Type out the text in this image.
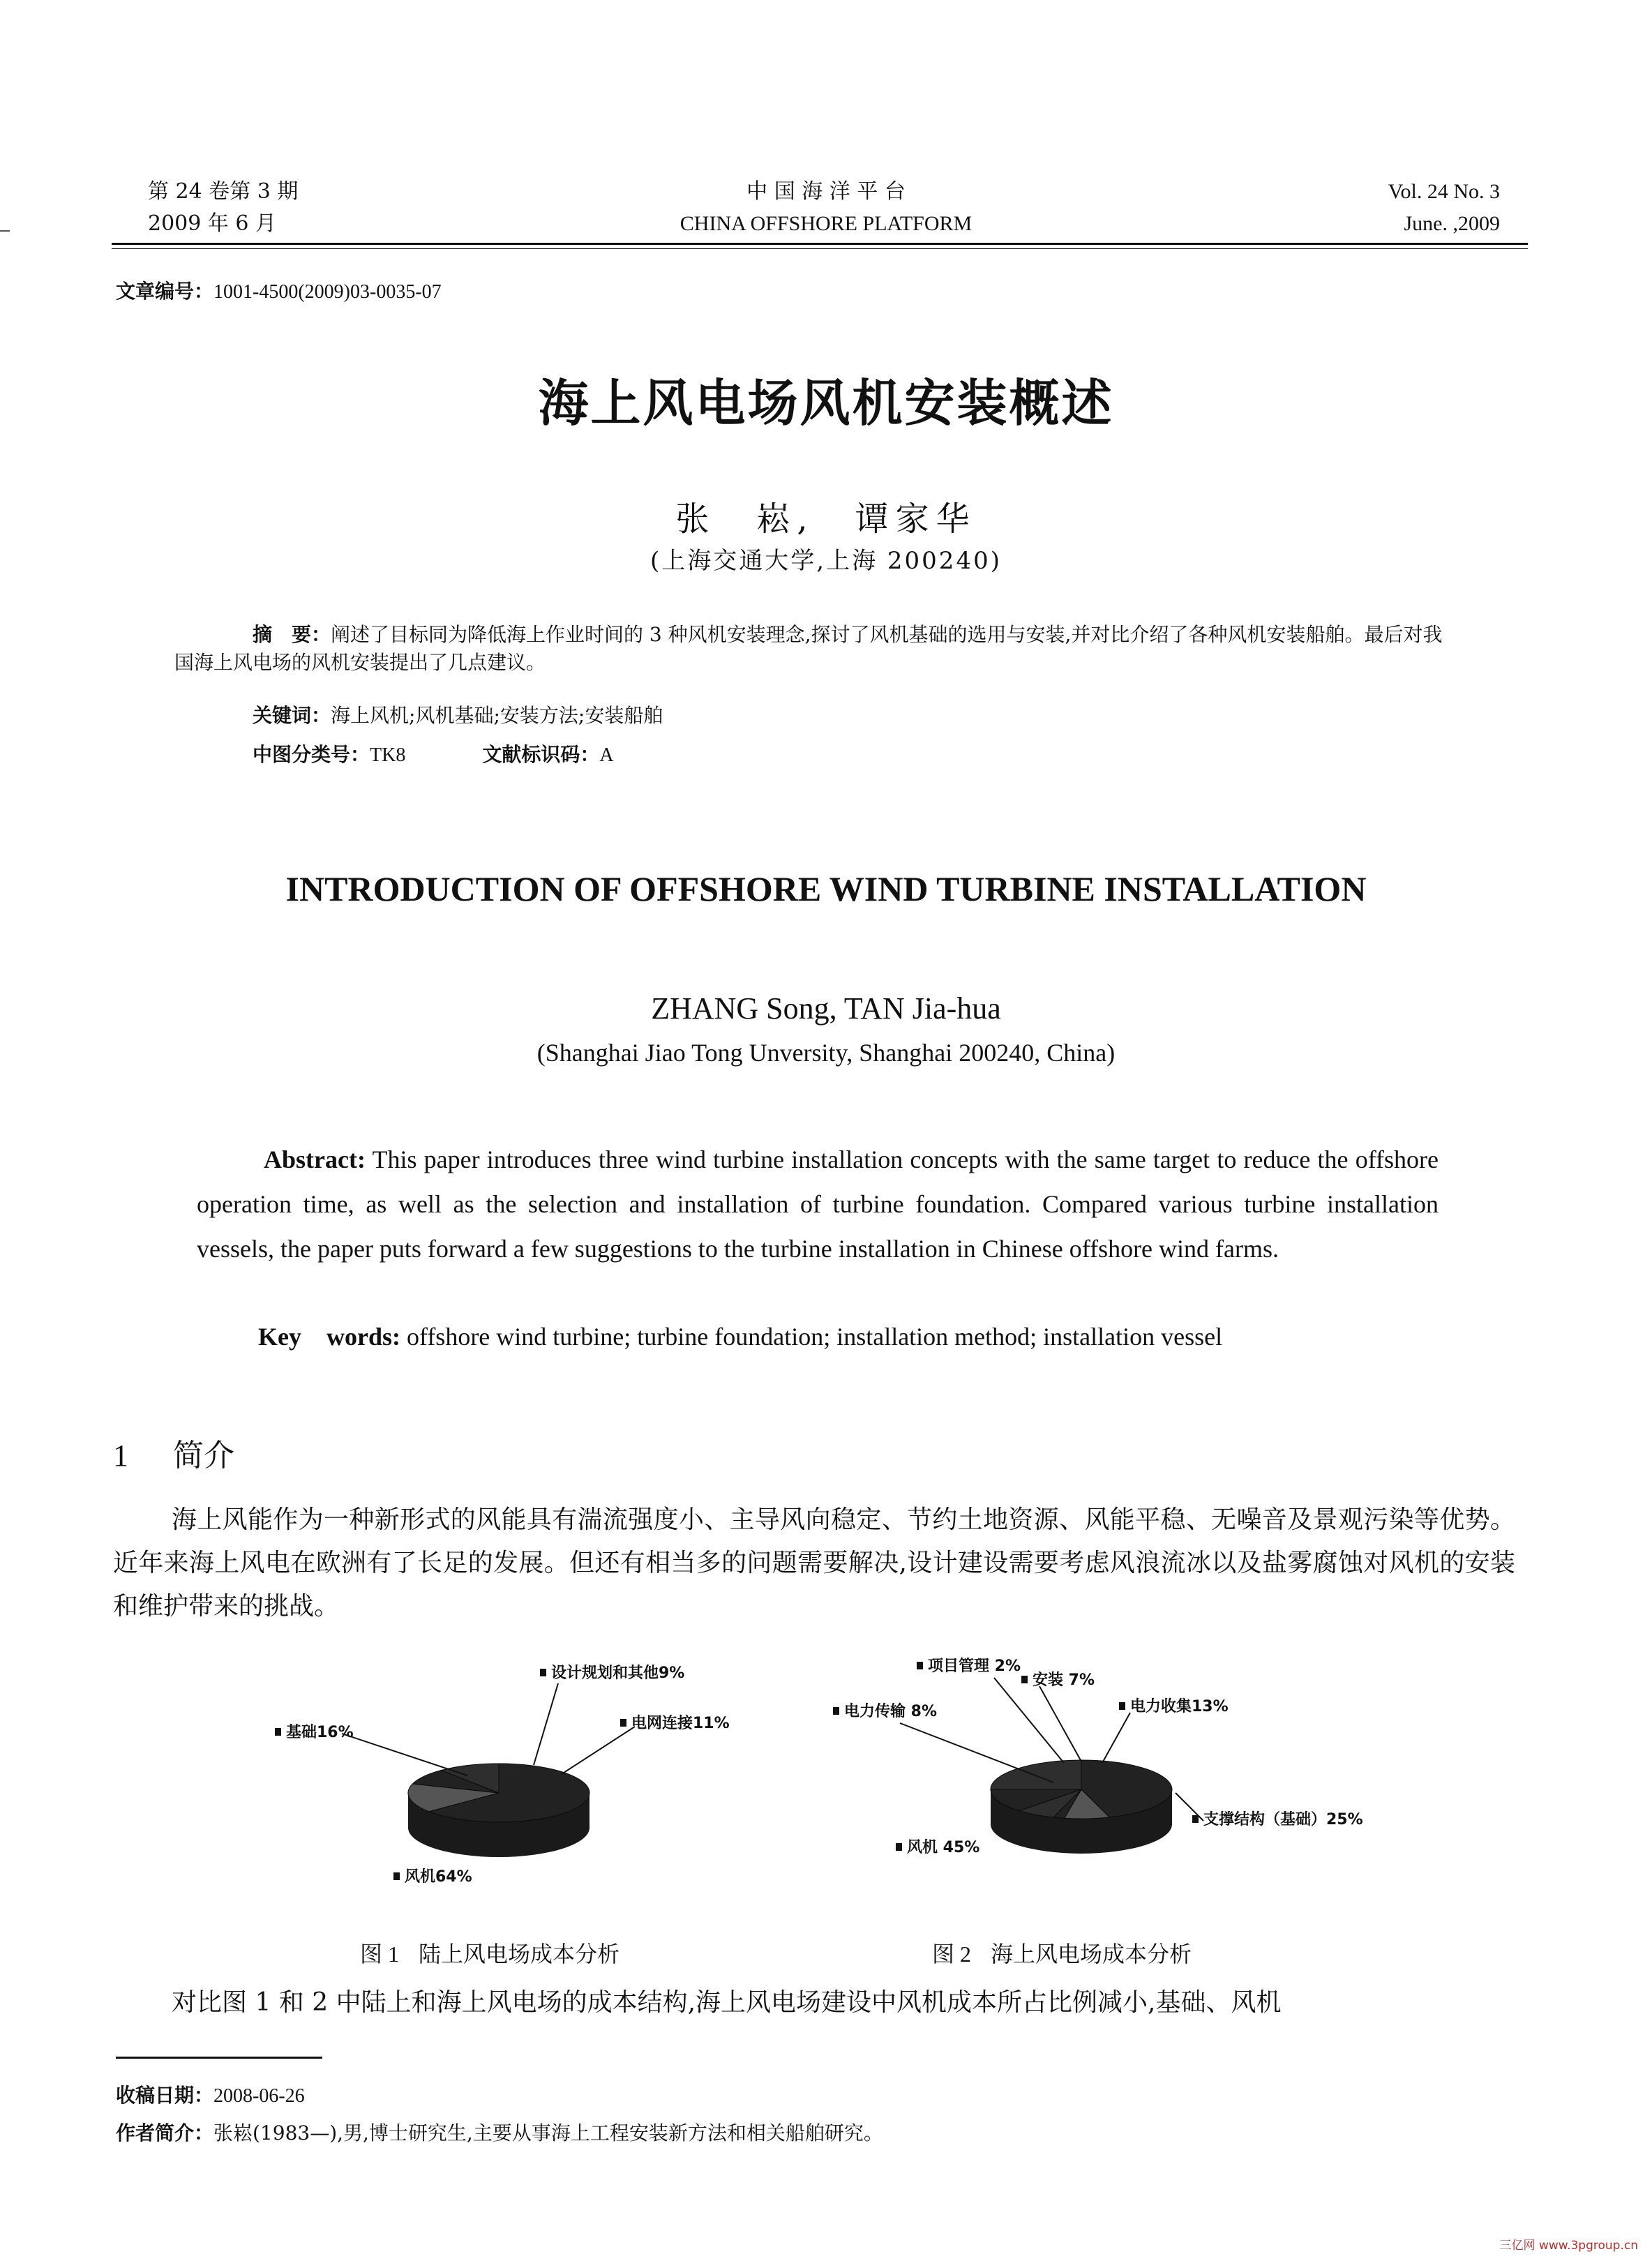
第 24 卷第 3 期
2009 年 6 月
中 国 海 洋 平 台
CHINA OFFSHORE PLATFORM
Vol. 24 No. 3
June. ,2009
文章编号：1001-4500(2009)03-0035-07
海上风电场风机安装概述
张　崧,　谭家华
(上海交通大学,上海 200240)
摘　要：阐述了目标同为降低海上作业时间的 3 种风机安装理念,探讨了风机基础的选用与安装,并对比介绍了各种风机安装船舶。最后对我国海上风电场的风机安装提出了几点建议。
关键词：海上风机;风机基础;安装方法;安装船舶
中图分类号：TK8	文献标识码：A
INTRODUCTION OF OFFSHORE WIND TURBINE INSTALLATION
ZHANG Song, TAN Jia-hua
(Shanghai Jiao Tong Unversity, Shanghai 200240, China)
Abstract: This paper introduces three wind turbine installation concepts with the same target to reduce the offshore operation time, as well as the selection and installation of turbine foundation. Compared various turbine installation vessels, the paper puts forward a few suggestions to the turbine installation in Chinese offshore wind farms.
Key　words: offshore wind turbine; turbine foundation; installation method; installation vessel
1 简介
海上风能作为一种新形式的风能具有湍流强度小、主导风向稳定、节约土地资源、风能平稳、无噪音及景观污染等优势。近年来海上风电在欧洲有了长足的发展。但还有相当多的问题需要解决,设计建设需要考虑风浪流冰以及盐雾腐蚀对风机的安装和维护带来的挑战。
风机64%
基础16%
设计规划和其他9%
电网连接11%
风机 45%
电力传输 8%
项目管理 2%
安装 7%
电力收集13%
支撑结构（基础）25%
图 1 陆上风电场成本分析	图 2 海上风电场成本分析
对比图 1 和 2 中陆上和海上风电场的成本结构,海上风电场建设中风机成本所占比例减小,基础、风机
收稿日期：2008-06-26
作者简介：张崧(1983—),男,博士研究生,主要从事海上工程安装新方法和相关船舶研究。
三亿网 www.3pgroup.cn
